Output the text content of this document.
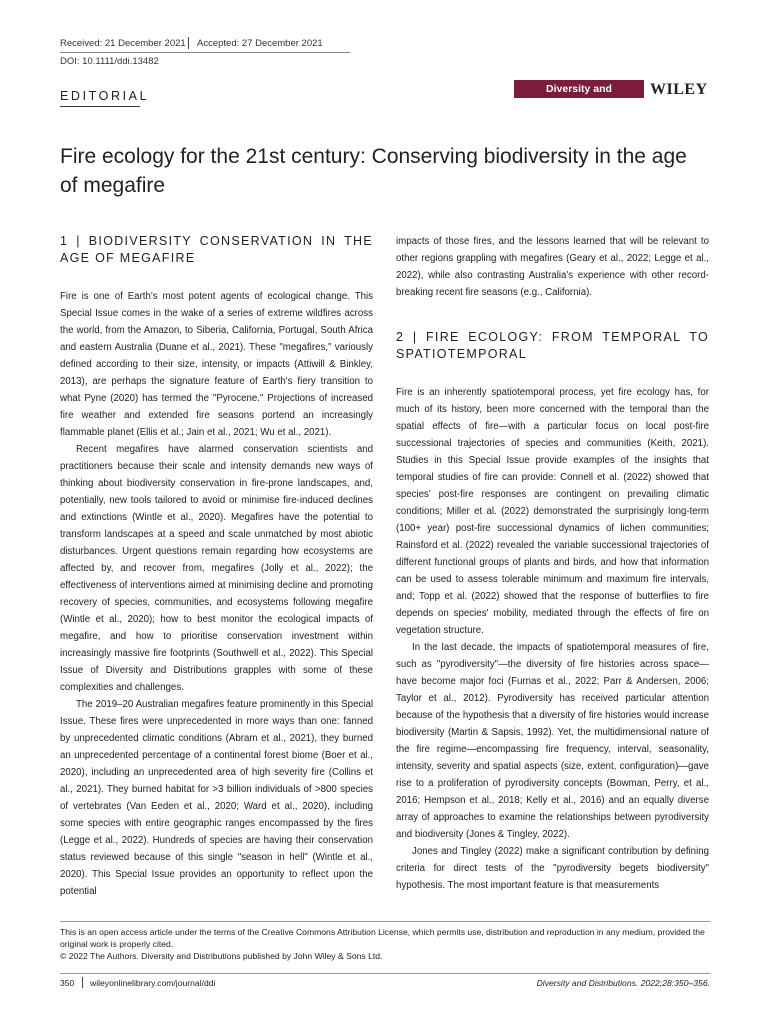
Received: 21 December 2021 Accepted: 27 December 2021
DOI: 10.1111/ddi.13482
EDITORIAL	Diversity and Distributions
WILEY
Fire ecology for the 21st century: Conserving biodiversity in the age of megafire

1 | BIODIVERSITY CONSERVATION IN THE AGE OF MEGAFIRE

Fire is one of Earth's most potent agents of ecological change. This Special Issue comes in the wake of a series of extreme wildfires across the world, from the Amazon, to Siberia, California, Portugal, South Africa and eastern Australia (Duane et al., 2021). These "megafires," variously defined according to their size, intensity, or impacts (Attiwill & Binkley, 2013), are perhaps the signature feature of Earth's fiery transition to what Pyne (2020) has termed the "Pyrocene." Projections of increased fire weather and extended fire seasons portend an increasingly flammable planet (Ellis et al.; Jain et al., 2021; Wu et al., 2021).

Recent megafires have alarmed conservation scientists and practitioners because their scale and intensity demands new ways of thinking about biodiversity conservation in fire-prone landscapes, and, potentially, new tools tailored to avoid or minimise fire-induced declines and extinctions (Wintle et al., 2020). Megafires have the potential to transform landscapes at a speed and scale unmatched by most abiotic disturbances. Urgent questions remain regarding how ecosystems are affected by, and recover from, megafires (Jolly et al., 2022); the effectiveness of interventions aimed at minimising decline and promoting recovery of species, communities, and ecosystems following megafire (Wintle et al., 2020); how to best monitor the ecological impacts of megafire, and how to prioritise conservation investment within increasingly massive fire footprints (Southwell et al., 2022). This Special Issue of Diversity and Distributions grapples with some of these complexities and challenges.

The 2019–20 Australian megafires feature prominently in this Special Issue. These fires were unprecedented in more ways than one: fanned by unprecedented climatic conditions (Abram et al., 2021), they burned an unprecedented percentage of a continental forest biome (Boer et al., 2020), including an unprecedented area of high severity fire (Collins et al., 2021). They burned habitat for >3 billion individuals of >800 species of vertebrates (Van Eeden et al., 2020; Ward et al., 2020), including some species with entire geographic ranges encompassed by the fires (Legge et al., 2022). Hundreds of species are having their conservation status reviewed because of this single "season in hell" (Wintle et al., 2020). This Special Issue provides an opportunity to reflect upon the potential

impacts of those fires, and the lessons learned that will be relevant to other regions grappling with megafires (Geary et al., 2022; Legge et al., 2022), while also contrasting Australia's experience with other record-breaking recent fire seasons (e.g., California).

2 | FIRE ECOLOGY: FROM TEMPORAL TO SPATIOTEMPORAL

Fire is an inherently spatiotemporal process, yet fire ecology has, for much of its history, been more concerned with the temporal than the spatial effects of fire—with a particular focus on local post-fire successional trajectories of species and communities (Keith, 2021). Studies in this Special Issue provide examples of the insights that temporal studies of fire can provide: Connell et al. (2022) showed that species' post-fire responses are contingent on prevailing climatic conditions; Miller et al. (2022) demonstrated the surprisingly long-term (100+ year) post-fire successional dynamics of lichen communities; Rainsford et al. (2022) revealed the variable successional trajectories of different functional groups of plants and birds, and how that information can be used to assess tolerable minimum and maximum fire intervals, and; Topp et al. (2022) showed that the response of butterflies to fire depends on species' mobility, mediated through the effects of fire on vegetation structure.

In the last decade, the impacts of spatiotemporal measures of fire, such as "pyrodiversity"—the diversity of fire histories across space—have become major foci (Furnas et al., 2022; Parr & Andersen, 2006; Taylor et al., 2012). Pyrodiversity has received particular attention because of the hypothesis that a diversity of fire histories would increase biodiversity (Martin & Sapsis, 1992). Yet, the multidimensional nature of the fire regime—encompassing fire frequency, interval, seasonality, intensity, severity and spatial aspects (size, extent, configuration)—gave rise to a proliferation of pyrodiversity concepts (Bowman, Perry, et al., 2016; Hempson et al., 2018; Kelly et al., 2016) and an equally diverse array of approaches to examine the relationships between pyrodiversity and biodiversity (Jones & Tingley, 2022).

Jones and Tingley (2022) make a significant contribution by defining criteria for direct tests of the "pyrodiversity begets biodiversity" hypothesis. The most important feature is that measurements

This is an open access article under the terms of the Creative Commons Attribution License, which permits use, distribution and reproduction in any medium, provided the original work is properly cited.
© 2022 The Authors. Diversity and Distributions published by John Wiley & Sons Ltd.
350 wileyonlinelibrary.com/journal/ddi	Diversity and Distributions. 2022;28:350–356.
